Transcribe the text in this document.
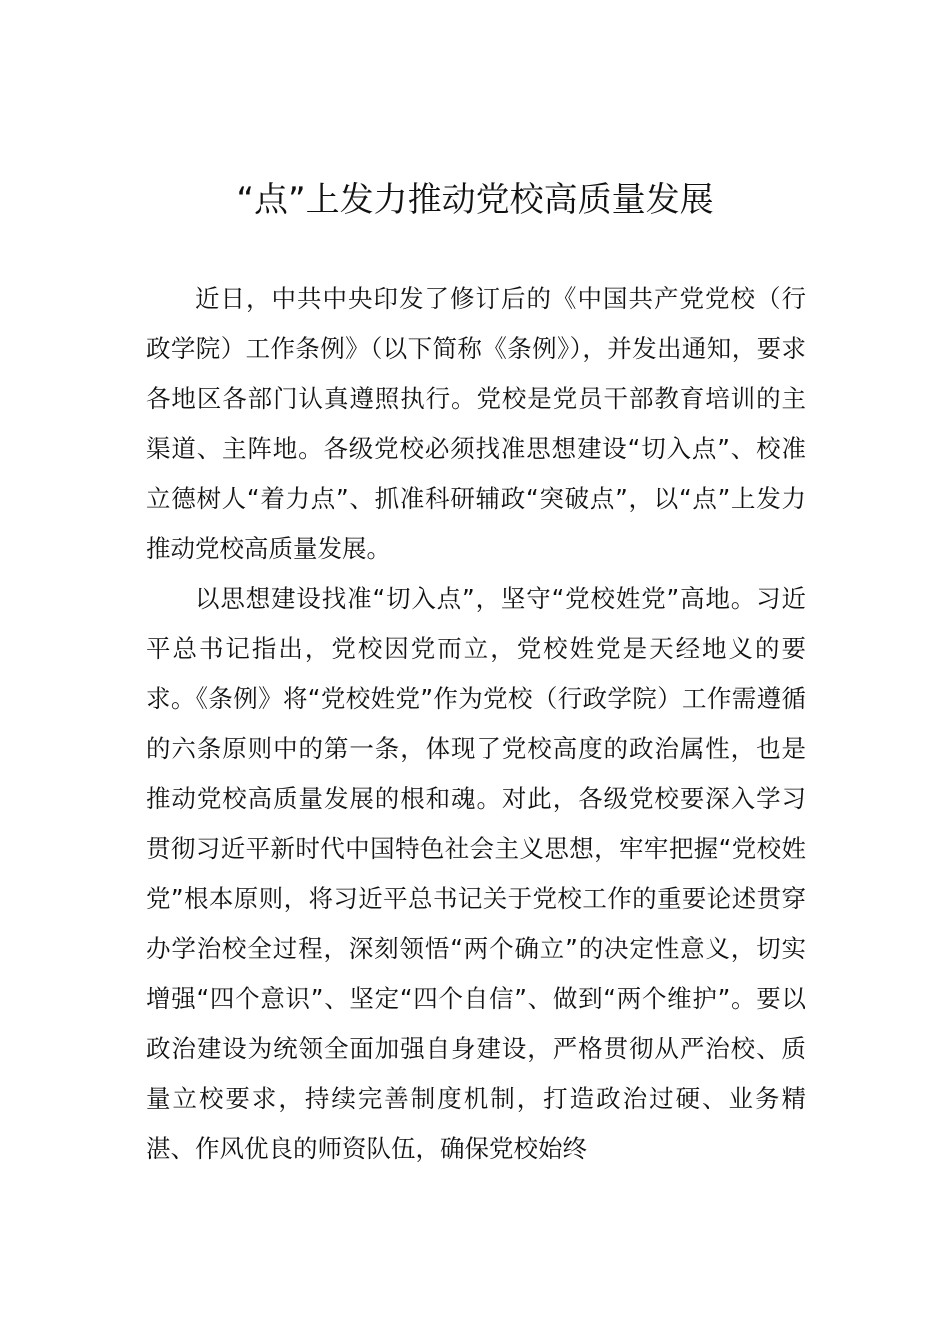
“点”上发力推动党校高质量发展

近日，中共中央印发了修订后的《中国共产党党校（行政学院）工作条例》（以下简称《条例》），并发出通知，要求各地区各部门认真遵照执行。党校是党员干部教育培训的主渠道、主阵地。各级党校必须找准思想建设“切入点”、校准立德树人“着力点”、抓准科研辅政“突破点”，以“点”上发力推动党校高质量发展。

以思想建设找准“切入点”，坚守“党校姓党”高地。习近平总书记指出，党校因党而立，党校姓党是天经地义的要求。《条例》将“党校姓党”作为党校（行政学院）工作需遵循的六条原则中的第一条，体现了党校高度的政治属性，也是推动党校高质量发展的根和魂。对此，各级党校要深入学习贯彻习近平新时代中国特色社会主义思想，牢牢把握“党校姓党”根本原则，将习近平总书记关于党校工作的重要论述贯穿办学治校全过程，深刻领悟“两个确立”的决定性意义，切实增强“四个意识”、坚定“四个自信”、做到“两个维护”。要以政治建设为统领全面加强自身建设，严格贯彻从严治校、质量立校要求，持续完善制度机制，打造政治过硬、业务精湛、作风优良的师资队伍，确保党校始终
